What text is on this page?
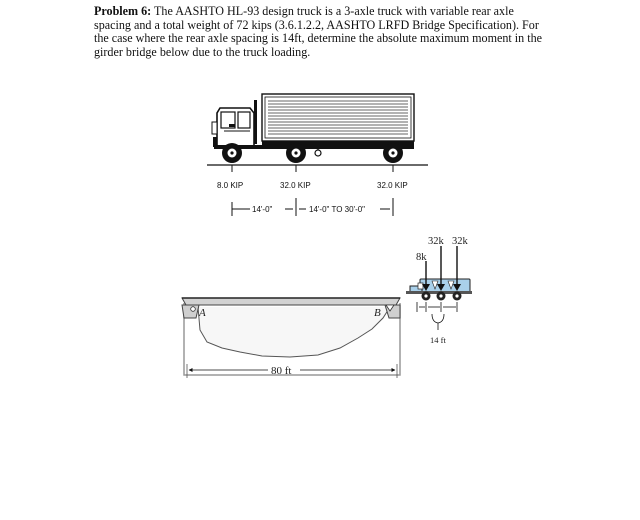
Problem 6: The AASHTO HL-93 design truck is a 3-axle truck with variable rear axle spacing and a total weight of 72 kips (3.6.1.2.2, AASHTO LRFD Bridge Specification). For the case where the rear axle spacing is 14ft, determine the absolute maximum moment in the girder bridge below due to the truck loading.

8.0 KIP	32.0 KIP	32.0 KIP
14'-0"	14'-0" TO 30'-0"
A	B
80 ft
8k
32k 32k
14 ft
